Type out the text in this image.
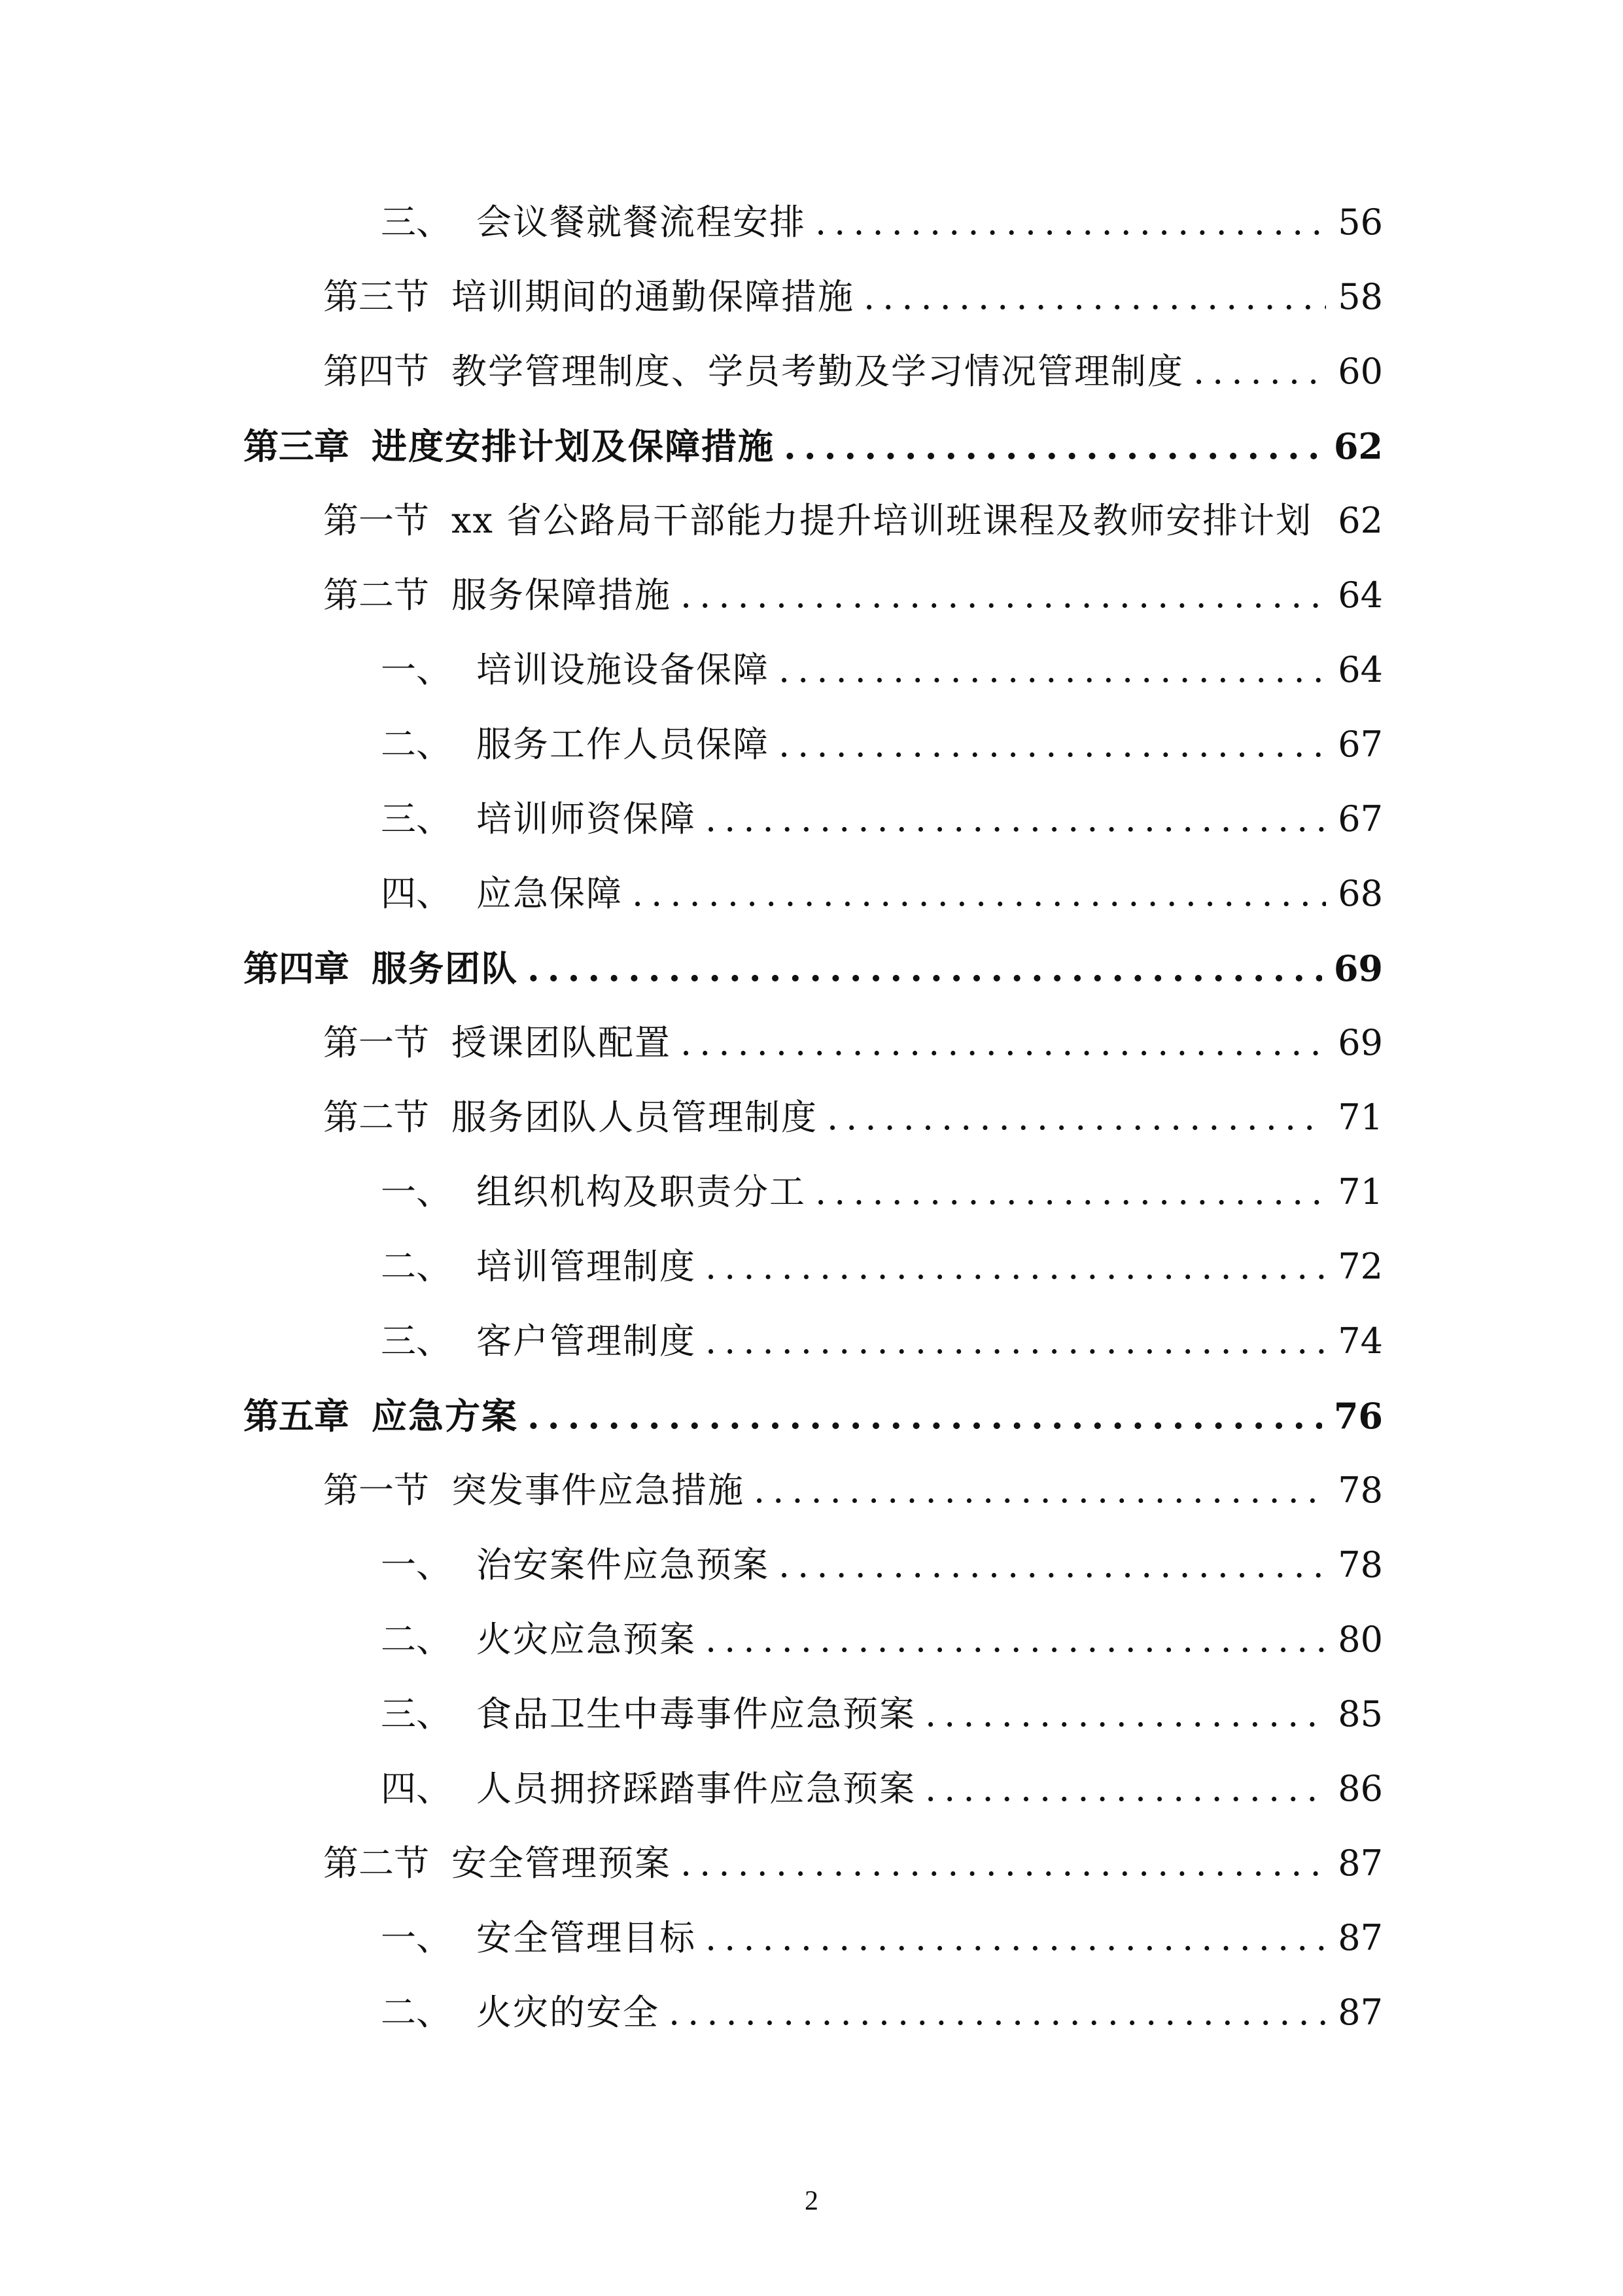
三、 会议餐就餐流程安排 .....	56
第三节 培训期间的通勤保障措施 .....	58
第四节 教学管理制度、学员考勤及学习情况管理制度 .....	60
第三章 进度安排计划及保障措施 .....	62
第一节 xx 省公路局干部能力提升培训班课程及教师安排计划 62
第二节 服务保障措施 .....	64
一、 培训设施设备保障 .....	64
二、 服务工作人员保障 .....	67
三、 培训师资保障 .....	67
四、 应急保障 .....	68
第四章 服务团队 .....	69
第一节 授课团队配置 .....	69
第二节 服务团队人员管理制度 .....	71
一、 组织机构及职责分工 .....	71
二、 培训管理制度 .....	72
三、 客户管理制度 .....	74
第五章 应急方案 .....	76
第一节 突发事件应急措施 .....	78
一、 治安案件应急预案 .....	78
二、 火灾应急预案 .....	80
三、 食品卫生中毒事件应急预案 .....	85
四、 人员拥挤踩踏事件应急预案 .....	86
第二节 安全管理预案 .....	87
一、 安全管理目标 .....	87
二、 火灾的安全 .....	87
2
